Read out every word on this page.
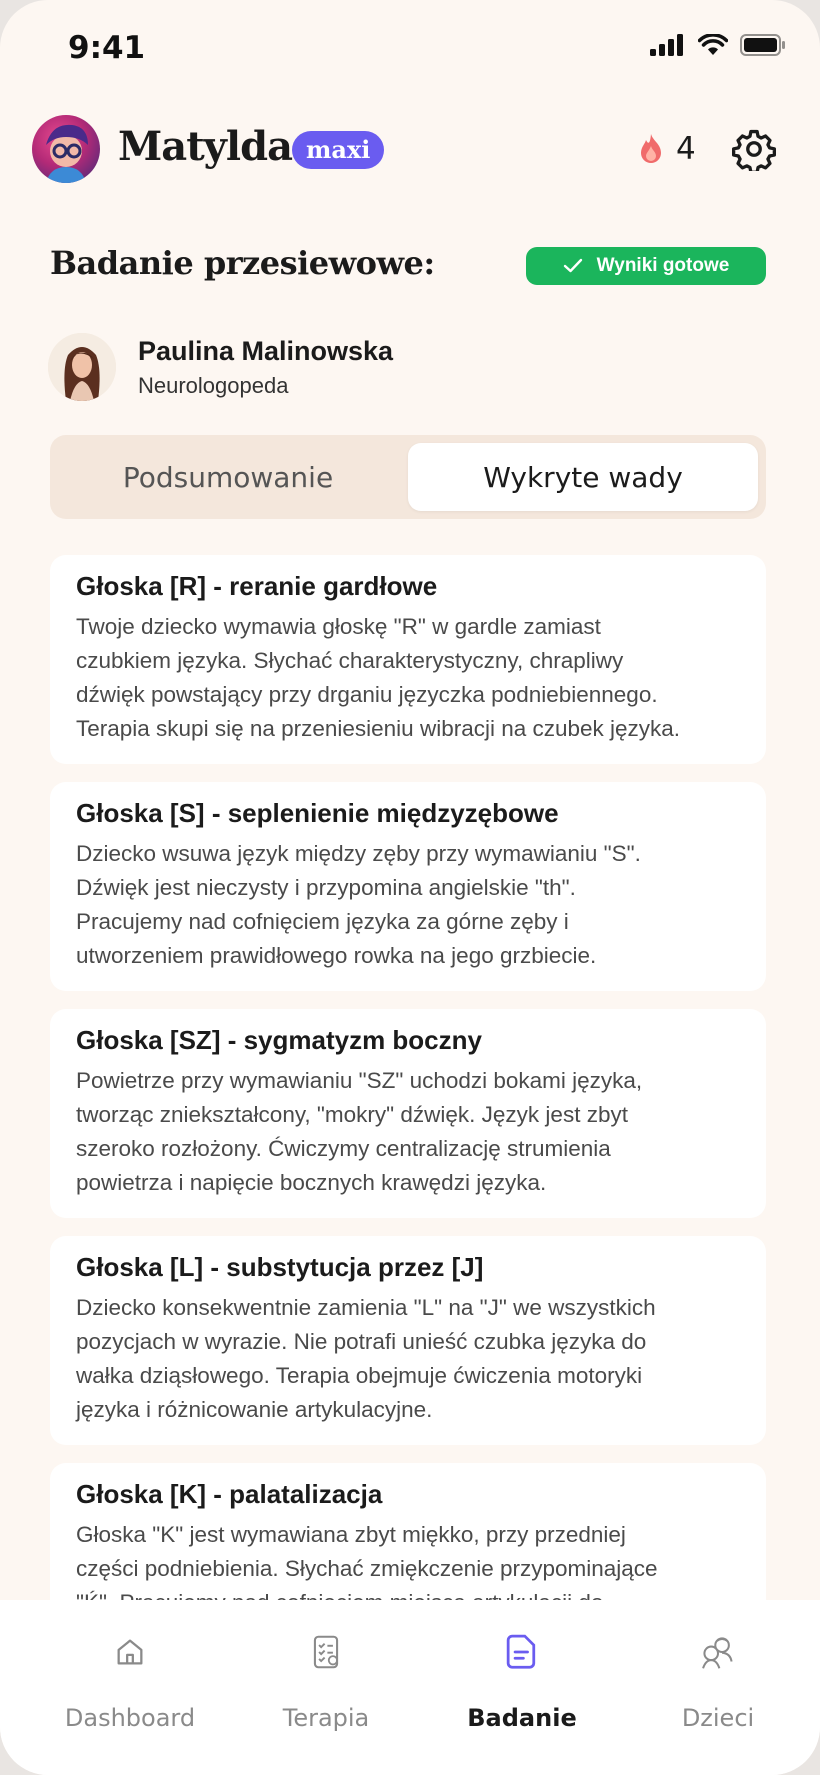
9:41
Matylda maxi	4
Badanie przesiewowe:	Wyniki gotowe
Paulina Malinowska
Neurologopeda
Podsumowanie	Wykryte wady
Głoska [R] - reranie gardłowe

Twoje dziecko wymawia głoskę "R" w gardle zamiast
czubkiem języka. Słychać charakterystyczny, chrapliwy
dźwięk powstający przy drganiu języczka podniebiennego.
Terapia skupi się na przeniesieniu wibracji na czubek języka.

Głoska [S] - seplenienie międzyzębowe

Dziecko wsuwa język między zęby przy wymawianiu "S".
Dźwięk jest nieczysty i przypomina angielskie "th".
Pracujemy nad cofnięciem języka za górne zęby i
utworzeniem prawidłowego rowka na jego grzbiecie.

Głoska [SZ] - sygmatyzm boczny

Powietrze przy wymawianiu "SZ" uchodzi bokami języka,
tworząc zniekształcony, "mokry" dźwięk. Język jest zbyt
szeroko rozłożony. Ćwiczymy centralizację strumienia
powietrza i napięcie bocznych krawędzi języka.

Głoska [L] - substytucja przez [J]

Dziecko konsekwentnie zamienia "L" na "J" we wszystkich
pozycjach w wyrazie. Nie potrafi unieść czubka języka do
wałka dziąsłowego. Terapia obejmuje ćwiczenia motoryki
języka i różnicowanie artykulacyjne.

Głoska [K] - palatalizacja

Głoska "K" jest wymawiana zbyt miękko, przy przedniej
części podniebienia. Słychać zmiękczenie przypominające

Dashboard	Terapia	Badanie	Dzieci
